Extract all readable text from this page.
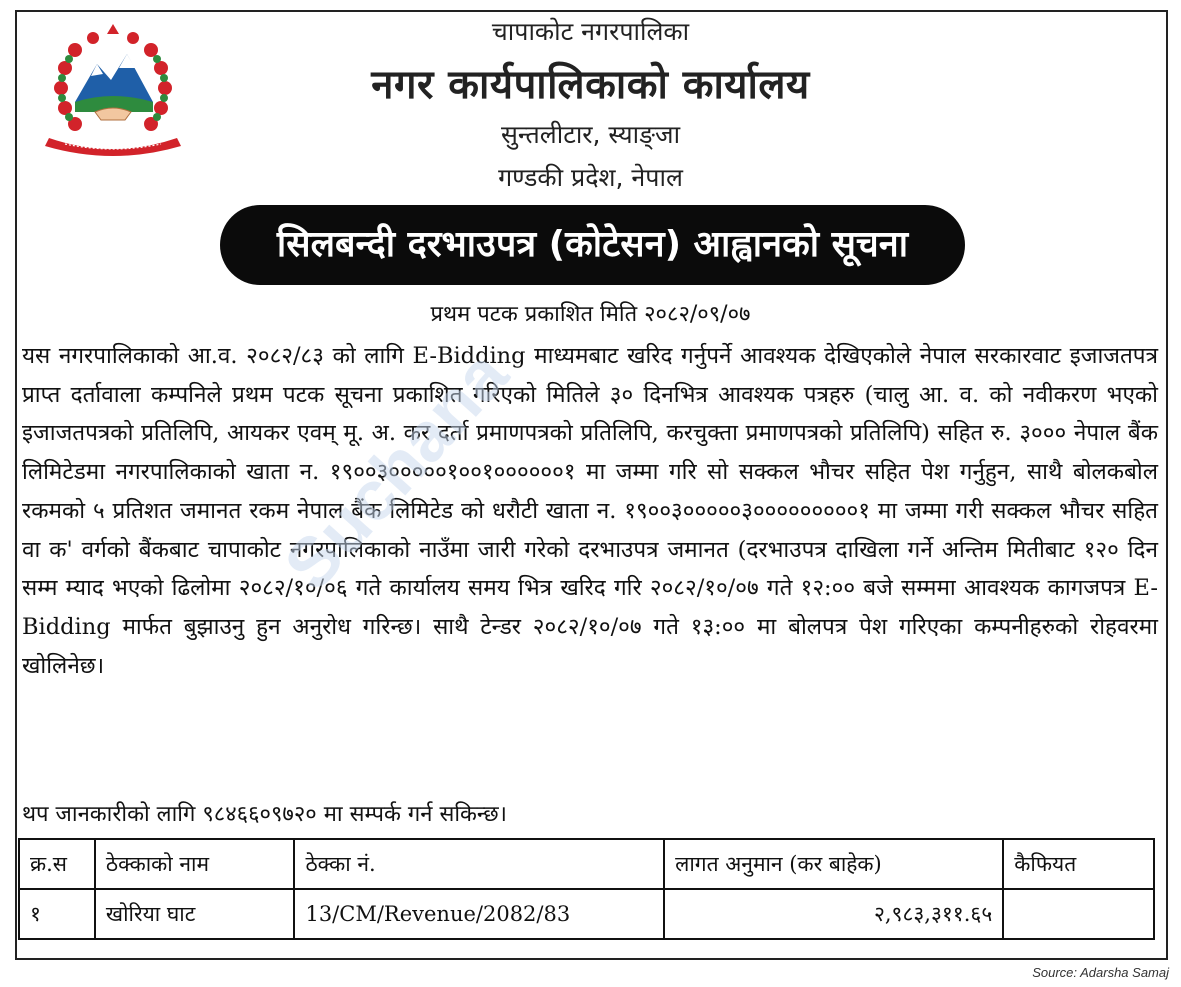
चापाकोट नगरपालिका
नगर कार्यपालिकाको कार्यालय
सुन्तलीटार, स्याङ्जा
गण्डकी प्रदेश, नेपाल
सिलबन्दी दरभाउपत्र (कोटेसन) आह्वानको सूचना
प्रथम पटक प्रकाशित मिति २०८२/०९/०७
यस नगरपालिकाको आ.व. २०८२/८३ को लागि E-Bidding माध्यमबाट खरिद गर्नुपर्ने आवश्यक देखिएकोले नेपाल सरकारवाट इजाजतपत्र प्राप्त दर्तावाला कम्पनिले प्रथम पटक सूचना प्रकाशित गरिएको मितिले ३० दिनभित्र आवश्यक पत्रहरु (चालु आ. व. को नवीकरण भएको इजाजतपत्रको प्रतिलिपि, आयकर एवम् मू. अ. कर दर्ता प्रमाणपत्रको प्रतिलिपि, करचुक्ता प्रमाणपत्रको प्रतिलिपि) सहित रु. ३००० नेपाल बैंक लिमिटेडमा नगरपालिकाको खाता न. १९००३०००००१००१००००००१ मा जम्मा गरि सो सक्कल भौचर सहित पेश गर्नुहुन, साथै बोलकबोल रकमको ५ प्रतिशत जमानत रकम नेपाल बैंक लिमिटेड को धरौटी खाता न. १९००३०००००३०००००००००१ मा जम्मा गरी सक्कल भौचर सहित वा क' वर्गको बैंकबाट चापाकोट नगरपालिकाको नाउँमा जारी गरेको दरभाउपत्र जमानत (दरभाउपत्र दाखिला गर्ने अन्तिम मितीबाट १२० दिन सम्म म्याद भएको ढिलोमा २०८२/१०/०६ गते कार्यालय समय भित्र खरिद गरि २०८२/१०/०७ गते १२:०० बजे सम्ममा आवश्यक कागजपत्र E-Bidding मार्फत बुझाउनु हुन अनुरोध गरिन्छ। साथै टेन्डर २०८२/१०/०७ गते १३:०० मा बोलपत्र पेश गरिएका कम्पनीहरुको रोहवरमा खोलिनेछ।
थप जानकारीको लागि ९८४६६०९७२० मा सम्पर्क गर्न सकिन्छ।
क्र.स	ठेक्काको नाम	ठेक्का नं.	लागत अनुमान (कर बाहेक)	कैफियत
१	खोरिया घाट	13/CM/Revenue/2082/83	२,९८३,३११.६५	
Source: Adarsha Samaj
Suchana
